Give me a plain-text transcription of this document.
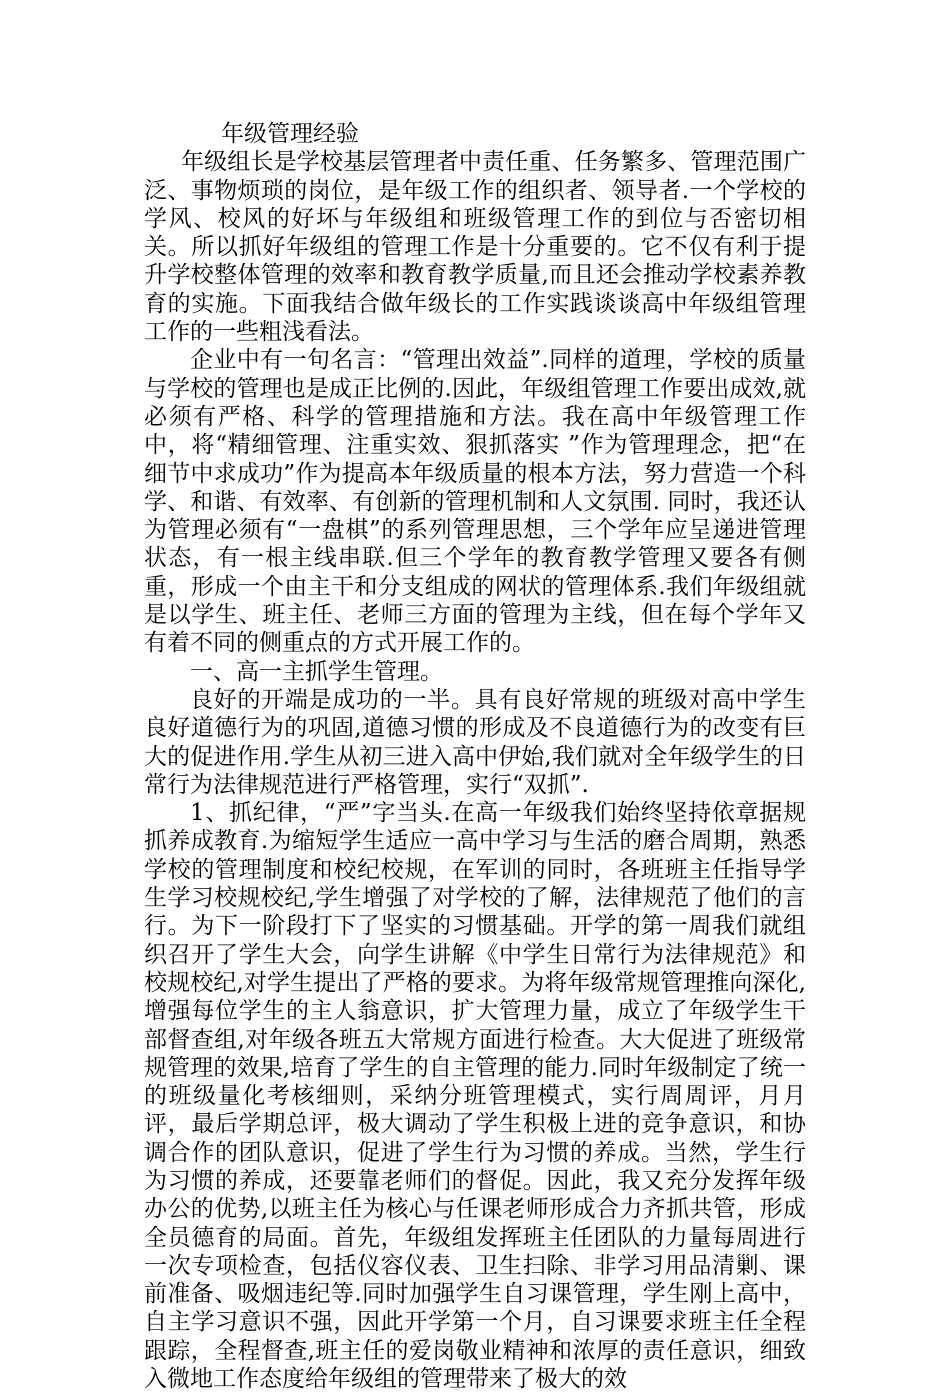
年级管理经验

年级组长是学校基层管理者中责任重、任务繁多、管理范围广泛、事物烦琐的岗位，是年级工作的组织者、领导者.一个学校的学风、校风的好坏与年级组和班级管理工作的到位与否密切相关。所以抓好年级组的管理工作是十分重要的。它不仅有利于提升学校整体管理的效率和教育教学质量,而且还会推动学校素养教育的实施。下面我结合做年级长的工作实践谈谈高中年级组管理工作的一些粗浅看法。

企业中有一句名言：“管理出效益”.同样的道理，学校的质量与学校的管理也是成正比例的.因此，年级组管理工作要出成效,就必须有严格、科学的管理措施和方法。我在高中年级管理工作中，将“精细管理、注重实效、狠抓落实 ”作为管理理念，把“在细节中求成功”作为提高本年级质量的根本方法，努力营造一个科学、和谐、有效率、有创新的管理机制和人文氛围. 同时，我还认为管理必须有“一盘棋”的系列管理思想，三个学年应呈递进管理状态，有一根主线串联.但三个学年的教育教学管理又要各有侧重，形成一个由主干和分支组成的网状的管理体系.我们年级组就是以学生、班主任、老师三方面的管理为主线，但在每个学年又有着不同的侧重点的方式开展工作的。

一、高一主抓学生管理。

良好的开端是成功的一半。具有良好常规的班级对高中学生良好道德行为的巩固,道德习惯的形成及不良道德行为的改变有巨大的促进作用.学生从初三进入高中伊始,我们就对全年级学生的日常行为法律规范进行严格管理，实行“双抓”.

1、抓纪律，“严”字当头.在高一年级我们始终坚持依章据规抓养成教育.为缩短学生适应一高中学习与生活的磨合周期，熟悉学校的管理制度和校纪校规，在军训的同时，各班班主任指导学生学习校规校纪,学生增强了对学校的了解，法律规范了他们的言行。为下一阶段打下了坚实的习惯基础。开学的第一周我们就组织召开了学生大会，向学生讲解《中学生日常行为法律规范》和校规校纪,对学生提出了严格的要求。为将年级常规管理推向深化,增强每位学生的主人翁意识，扩大管理力量，成立了年级学生干部督查组,对年级各班五大常规方面进行检查。大大促进了班级常规管理的效果,培育了学生的自主管理的能力.同时年级制定了统一的班级量化考核细则，采纳分班管理模式，实行周周评，月月评，最后学期总评，极大调动了学生积极上进的竞争意识，和协调合作的团队意识，促进了学生行为习惯的养成。当然，学生行为习惯的养成，还要靠老师们的督促。因此，我又充分发挥年级办公的优势,以班主任为核心与任课老师形成合力齐抓共管，形成全员德育的局面。首先，年级组发挥班主任团队的力量每周进行一次专项检查，包括仪容仪表、卫生扫除、非学习用品清剿、课前准备、吸烟违纪等.同时加强学生自习课管理，学生刚上高中，自主学习意识不强，因此开学第一个月，自习课要求班主任全程跟踪，全程督查,班主任的爱岗敬业精神和浓厚的责任意识，细致入微地工作态度给年级组的管理带来了极大的效
